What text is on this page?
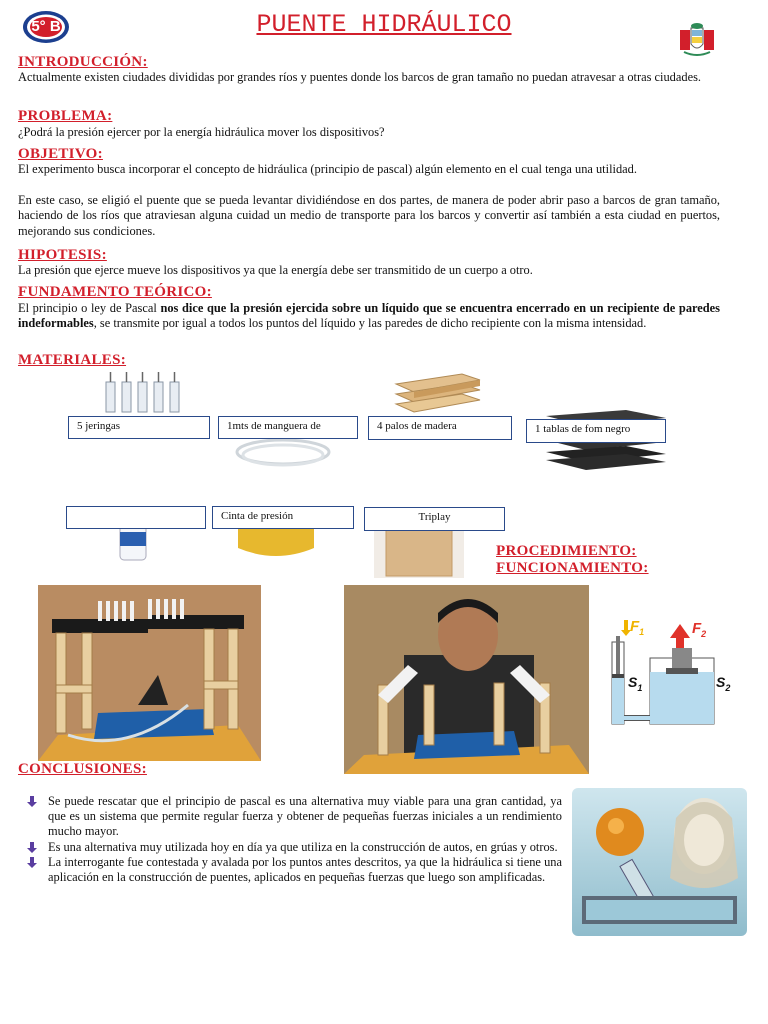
5° B	PUENTE HIDRÁULICO
INTRODUCCIÓN:
Actualmente existen ciudades divididas por grandes ríos y puentes donde los barcos de gran tamaño no puedan atravesar a otras ciudades.
PROBLEMA:
¿Podrá la presión ejercer por la energía hidráulica mover los dispositivos?
OBJETIVO:
El experimento busca incorporar el concepto de hidráulica (principio de pascal) algún elemento en el cual tenga una utilidad.
En este caso, se eligió el puente que se pueda levantar dividiéndose en dos partes, de manera de poder abrir paso a barcos de gran tamaño, haciendo de los ríos que atraviesan alguna cuidad un medio de transporte para los barcos y convertir así también a esta ciudad en puertos, mejorando sus condiciones.
HIPOTESIS:
La presión que ejerce mueve los dispositivos ya que la energía debe ser transmitido de un cuerpo a otro.
FUNDAMENTO TEÓRICO:
El principio o ley de Pascal nos dice que la presión ejercida sobre un líquido que se encuentra encerrado en un recipiente de paredes indeformables, se transmite por igual a todos los puntos del líquido y las paredes de dicho recipiente con la misma intensidad.
MATERIALES:
5 jeringas	1mts de manguera de	4 palos de madera	1 tablas de fom negro
Cinta de presión	Triplay
PROCEDIMIENTO:
FUNCIONAMIENTO:
$F_1$	$F_2$
$S_1$	$S_2$
CONCLUSIONES:
Se puede rescatar que el principio de pascal es una alternativa muy viable para una gran cantidad, ya que es un sistema que permite regular fuerza y obtener de pequeñas fuerzas iniciales a un rendimiento mucho mayor.
Es una alternativa muy utilizada hoy en día ya que utiliza en la construcción de autos, en grúas y otros.
La interrogante fue contestada y avalada por los puntos antes descritos, ya que la hidráulica si tiene una aplicación en la construcción de puentes, aplicados en pequeñas fuerzas que luego son amplificadas.
